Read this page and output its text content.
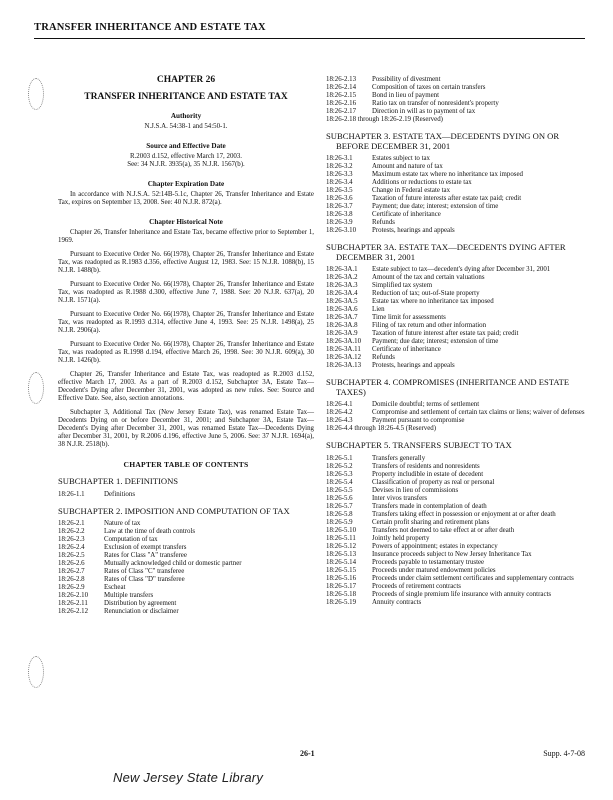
TRANSFER INHERITANCE AND ESTATE TAX
CHAPTER 26
TRANSFER INHERITANCE AND ESTATE TAX
Authority
N.J.S.A. 54:38-1 and 54:50-1.
Source and Effective Date
R.2003 d.152, effective March 17, 2003.
See: 34 N.J.R. 3935(a), 35 N.J.R. 1567(b).
Chapter Expiration Date

In accordance with N.J.S.A. 52:14B-5.1c, Chapter 26, Transfer Inheritance and Estate Tax, expires on September 13, 2008. See: 40 N.J.R. 872(a).

Chapter Historical Note

Chapter 26, Transfer Inheritance and Estate Tax, became effective prior to September 1, 1969.

Pursuant to Executive Order No. 66(1978), Chapter 26, Transfer Inheritance and Estate Tax, was readopted as R.1983 d.356, effective August 12, 1983. See: 15 N.J.R. 1088(b), 15 N.J.R. 1488(b).

Pursuant to Executive Order No. 66(1978), Chapter 26, Transfer Inheritance and Estate Tax, was readopted as R.1988 d.300, effective June 7, 1988. See: 20 N.J.R. 637(a), 20 N.J.R. 1571(a).

Pursuant to Executive Order No. 66(1978), Chapter 26, Transfer Inheritance and Estate Tax, was readopted as R.1993 d.314, effective June 4, 1993. See: 25 N.J.R. 1498(a), 25 N.J.R. 2906(a).

Pursuant to Executive Order No. 66(1978), Chapter 26, Transfer Inheritance and Estate Tax, was readopted as R.1998 d.194, effective March 26, 1998. See: 30 N.J.R. 609(a), 30 N.J.R. 1426(b).

Chapter 26, Transfer Inheritance and Estate Tax, was readopted as R.2003 d.152, effective March 17, 2003. As a part of R.2003 d.152, Subchapter 3A, Estate Tax—Decedent's Dying after December 31, 2001, was adopted as new rules. See: Source and Effective Date. See, also, section annotations.

Subchapter 3, Additional Tax (New Jersey Estate Tax), was renamed Estate Tax—Decedents Dying on or before December 31, 2001; and Subchapter 3A, Estate Tax—Decedent's Dying after December 31, 2001, was renamed Estate Tax—Decedents Dying after December 31, 2001, by R.2006 d.196, effective June 5, 2006. See: 37 N.J.R. 1694(a), 38 N.J.R. 2518(b).

CHAPTER TABLE OF CONTENTS
SUBCHAPTER 1. DEFINITIONS
18:26-1.1	Definitions
SUBCHAPTER 2. IMPOSITION AND COMPUTATION OF TAX
18:26-2.1	Nature of tax
18:26-2.2	Law at the time of death controls
18:26-2.3	Computation of tax
18:26-2.4	Exclusion of exempt transfers
18:26-2.5	Rates for Class "A" transferee
18:26-2.6	Mutually acknowledged child or domestic partner
18:26-2.7	Rates of Class "C" transferee
18:26-2.8	Rates of Class "D" transferee
18:26-2.9	Escheat
18:26-2.10	Multiple transfers
18:26-2.11	Distribution by agreement
18:26-2.12	Renunciation or disclaimer
18:26-2.13	Possibility of divestment
18:26-2.14	Composition of taxes on certain transfers
18:26-2.15	Bond in lieu of payment
18:26-2.16	Ratio tax on transfer of nonresident's property
18:26-2.17	Direction in will as to payment of tax
18:26-2.18 through 18:26-2.19 (Reserved)
SUBCHAPTER 3. ESTATE TAX—DECEDENTS DYING ON OR BEFORE DECEMBER 31, 2001
18:26-3.1	Estates subject to tax
18:26-3.2	Amount and nature of tax
18:26-3.3	Maximum estate tax where no inheritance tax imposed
18:26-3.4	Additions or reductions to estate tax
18:26-3.5	Change in Federal estate tax
18:26-3.6	Taxation of future interests after estate tax paid; credit
18:26-3.7	Payment; due date; interest; extension of time
18:26-3.8	Certificate of inheritance
18:26-3.9	Refunds
18:26-3.10	Protests, hearings and appeals
SUBCHAPTER 3A. ESTATE TAX—DECEDENTS DYING AFTER DECEMBER 31, 2001
18:26-3A.1	Estate subject to tax—decedent's dying after December 31, 2001
18:26-3A.2	Amount of the tax and certain valuations
18:26-3A.3	Simplified tax system
18:26-3A.4	Reduction of tax; out-of-State property
18:26-3A.5	Estate tax where no inheritance tax imposed
18:26-3A.6	Lien
18:26-3A.7	Time limit for assessments
18:26-3A.8	Filing of tax return and other information
18:26-3A.9	Taxation of future interest after estate tax paid; credit
18:26-3A.10	Payment; due date; interest; extension of time
18:26-3A.11	Certificate of inheritance
18:26-3A.12	Refunds
18:26-3A.13	Protests, hearings and appeals
SUBCHAPTER 4. COMPROMISES (INHERITANCE AND ESTATE TAXES)
18:26-4.1	Domicile doubtful; terms of settlement
18:26-4.2	Compromise and settlement of certain tax claims or liens; waiver of defenses
18:26-4.3	Payment pursuant to compromise
18:26-4.4 through 18:26-4.5 (Reserved)
SUBCHAPTER 5. TRANSFERS SUBJECT TO TAX
18:26-5.1	Transfers generally
18:26-5.2	Transfers of residents and nonresidents
18:26-5.3	Property includible in estate of decedent
18:26-5.4	Classification of property as real or personal
18:26-5.5	Devises in lieu of commissions
18:26-5.6	Inter vivos transfers
18:26-5.7	Transfers made in contemplation of death
18:26-5.8	Transfers taking effect in possession or enjoyment at or after death
18:26-5.9	Certain profit sharing and retirement plans
18:26-5.10	Transfers not deemed to take effect at or after death
18:26-5.11	Jointly held property
18:26-5.12	Powers of appointment; estates in expectancy
18:26-5.13	Insurance proceeds subject to New Jersey Inheritance Tax
18:26-5.14	Proceeds payable to testamentary trustee
18:26-5.15	Proceeds under matured endowment policies
18:26-5.16	Proceeds under claim settlement certificates and supplementary contracts
18:26-5.17	Proceeds of retirement contracts
18:26-5.18	Proceeds of single premium life insurance with annuity contracts
18:26-5.19	Annuity contracts
26-1	Supp. 4-7-08
New Jersey State Library
